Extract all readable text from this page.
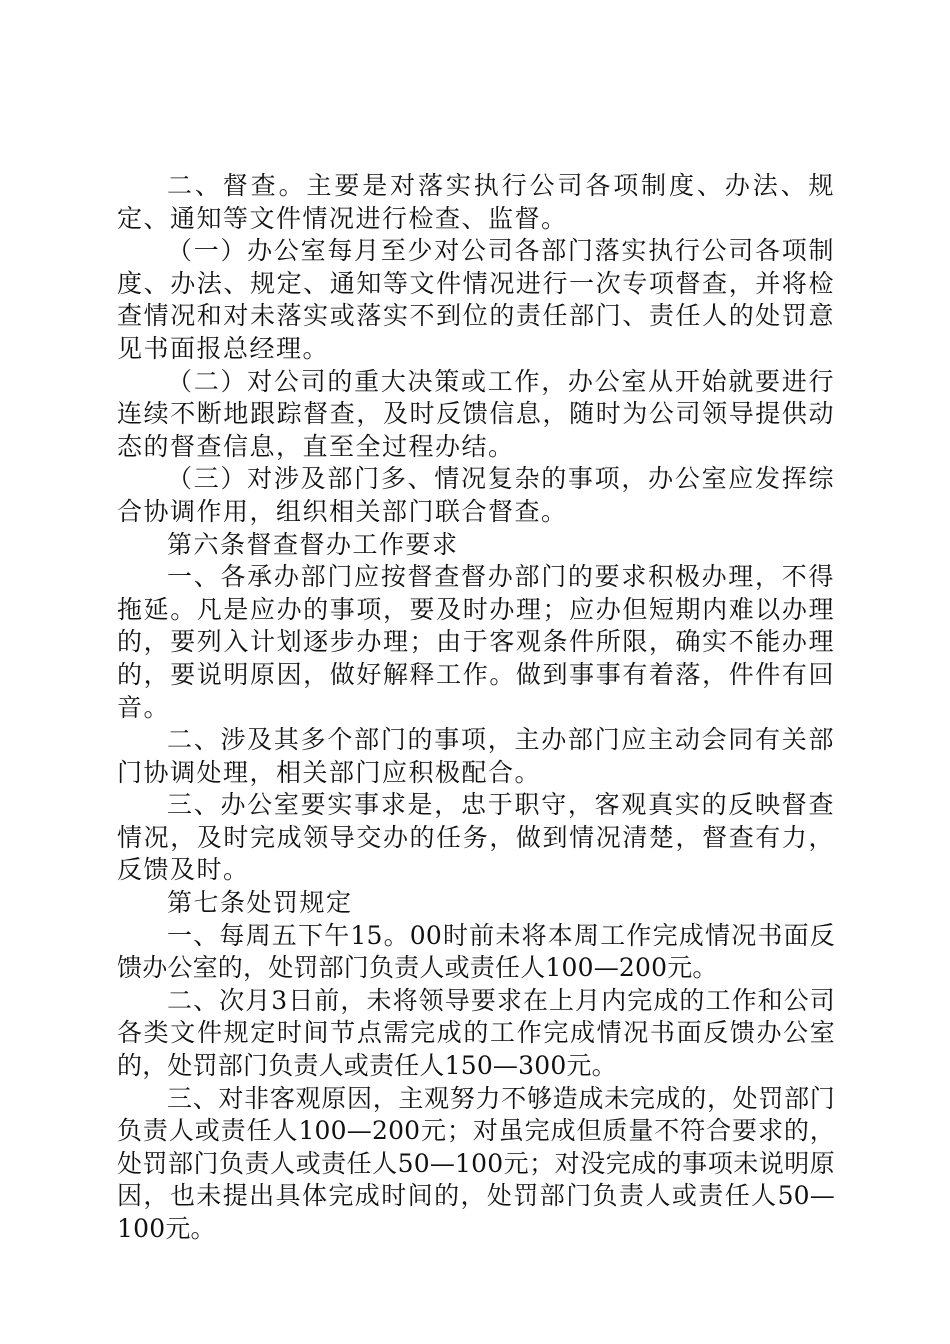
二、督查。主要是对落实执行公司各项制度、办法、规定、通知等文件情况进行检查、监督。

（一）办公室每月至少对公司各部门落实执行公司各项制度、办法、规定、通知等文件情况进行一次专项督查，并将检查情况和对未落实或落实不到位的责任部门、责任人的处罚意见书面报总经理。

（二）对公司的重大决策或工作，办公室从开始就要进行连续不断地跟踪督查，及时反馈信息，随时为公司领导提供动态的督查信息，直至全过程办结。

（三）对涉及部门多、情况复杂的事项，办公室应发挥综合协调作用，组织相关部门联合督查。

第六条督查督办工作要求

一、各承办部门应按督查督办部门的要求积极办理，不得拖延。凡是应办的事项，要及时办理；应办但短期内难以办理的，要列入计划逐步办理；由于客观条件所限，确实不能办理的，要说明原因，做好解释工作。做到事事有着落，件件有回音。

二、涉及其多个部门的事项，主办部门应主动会同有关部门协调处理，相关部门应积极配合。

三、办公室要实事求是，忠于职守，客观真实的反映督查情况，及时完成领导交办的任务，做到情况清楚，督查有力，反馈及时。

第七条处罚规定

一、每周五下午15。00时前未将本周工作完成情况书面反馈办公室的，处罚部门负责人或责任人100—200元。

二、次月3日前，未将领导要求在上月内完成的工作和公司各类文件规定时间节点需完成的工作完成情况书面反馈办公室的，处罚部门负责人或责任人150—300元。

三、对非客观原因，主观努力不够造成未完成的，处罚部门负责人或责任人100—200元；对虽完成但质量不符合要求的，处罚部门负责人或责任人50—100元；对没完成的事项未说明原因，也未提出具体完成时间的，处罚部门负责人或责任人50—100元。
